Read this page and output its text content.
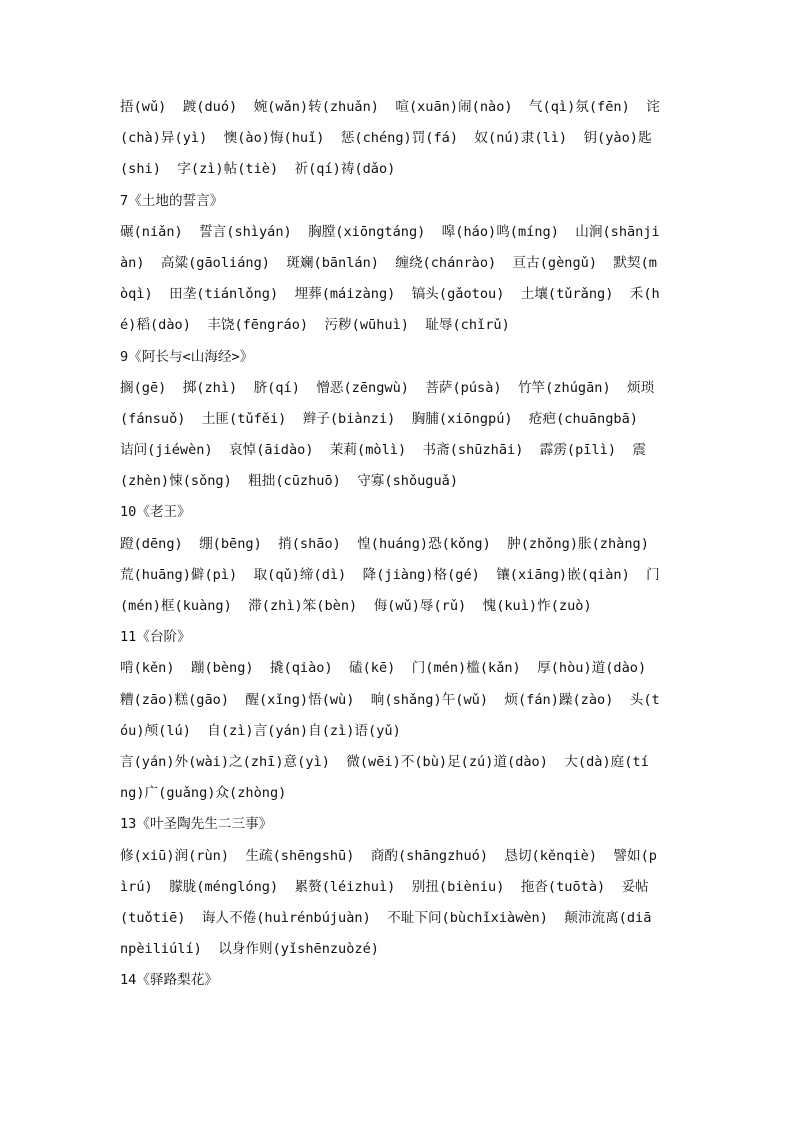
捂(wǔ)  踱(duó)  婉(wǎn)转(zhuǎn)  喧(xuān)闹(nào)  气(qì)氛(fēn)  诧
(chà)异(yì)  懊(ào)悔(huǐ)  惩(chéng)罚(fá)  奴(nú)隶(lì)  钥(yào)匙
(shi)  字(zì)帖(tiè)  祈(qí)祷(dǎo)
7《土地的誓言》
碾(niǎn)  誓言(shìyán)  胸膛(xiōngtáng)  嗥(háo)鸣(míng)  山涧(shānji
àn)  高粱(gāoliáng)  斑斓(bānlán)  缠绕(chánrào)  亘古(gèngǔ)  默契(m
òqì)  田垄(tiánlǒng)  埋葬(máizàng)  镐头(gǎotou)  土壤(tǔrǎng)  禾(h
é)稻(dào)  丰饶(fēngráo)  污秽(wūhuì)  耻辱(chǐrǔ)
9《阿长与<山海经>》
搁(gē)  掷(zhì)  脐(qí)  憎恶(zēngwù)  菩萨(púsà)  竹竿(zhúgān)  烦琐
(fánsuǒ)  土匪(tǔfěi)  辫子(biànzi)  胸脯(xiōngpú)  疮疤(chuāngbā)
诘问(jiéwèn)  哀悼(āidào)  茉莉(mòlì)  书斋(shūzhāi)  霹雳(pīlì)  震
(zhèn)悚(sǒng)  粗拙(cūzhuō)  守寡(shǒuguǎ)
10《老王》
蹬(dēng)  绷(bēng)  捎(shāo)  惶(huáng)恐(kǒng)  肿(zhǒng)胀(zhàng)
荒(huāng)僻(pì)  取(qǔ)缔(dì)  降(jiàng)格(gé)  镶(xiāng)嵌(qiàn)  门
(mén)框(kuàng)  滞(zhì)笨(bèn)  侮(wǔ)辱(rǔ)  愧(kuì)怍(zuò)
11《台阶》
啃(kěn)  蹦(bèng)  撬(qiào)  磕(kē)  门(mén)槛(kǎn)  厚(hòu)道(dào)
糟(zāo)糕(gāo)  醒(xǐng)悟(wù)  晌(shǎng)午(wǔ)  烦(fán)躁(zào)  头(t
óu)颅(lú)  自(zì)言(yán)自(zì)语(yǔ)
言(yán)外(wài)之(zhī)意(yì)  微(wēi)不(bù)足(zú)道(dào)  大(dà)庭(tí
ng)广(guǎng)众(zhòng)
13《叶圣陶先生二三事》
修(xiū)润(rùn)  生疏(shēngshū)  商酌(shāngzhuó)  恳切(kěnqiè)  譬如(p
ìrú)  朦胧(ménglóng)  累赘(léizhuì)  别扭(bièniu)  拖沓(tuōtà)  妥帖
(tuǒtiē)  诲人不倦(huìrénbújuàn)  不耻下问(bùchǐxiàwèn)  颠沛流离(diā
npèiliúlí)  以身作则(yǐshēnzuòzé)
14《驿路梨花》
